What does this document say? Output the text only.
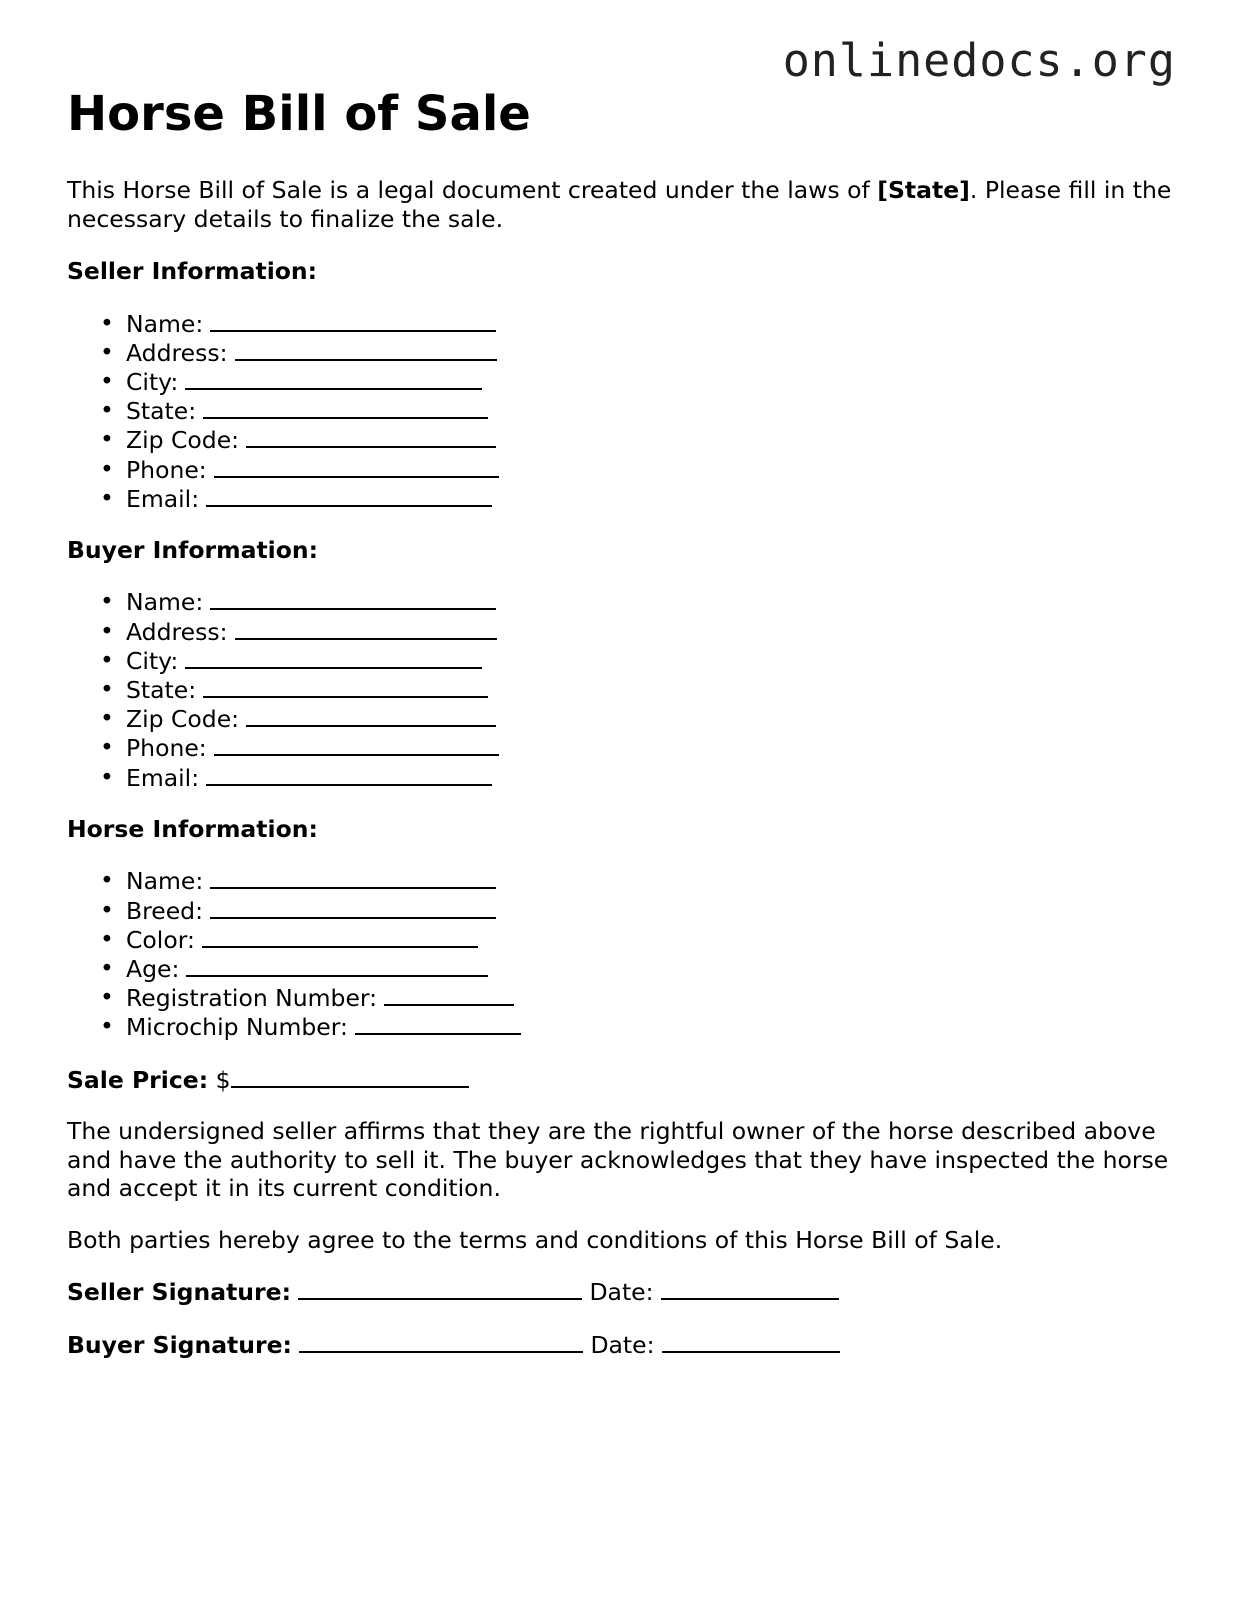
onlinedocs.org
Horse Bill of Sale

This Horse Bill of Sale is a legal document created under the laws of [State]. Please fill in the necessary details to finalize the sale.

Seller Information:
• Name:
• Address:
• City:
• State:
• Zip Code:
• Phone:
• Email:
Buyer Information:
• Name:
• Address:
• City:
• State:
• Zip Code:
• Phone:
• Email:
Horse Information:
• Name:
• Breed:
• Color:
• Age:
• Registration Number:
• Microchip Number:

Sale Price: $

The undersigned seller affirms that they are the rightful owner of the horse described above and have the authority to sell it. The buyer acknowledges that they have inspected the horse and accept it in its current condition.

Both parties hereby agree to the terms and conditions of this Horse Bill of Sale.

Seller Signature:	Date:

Buyer Signature:	Date:
